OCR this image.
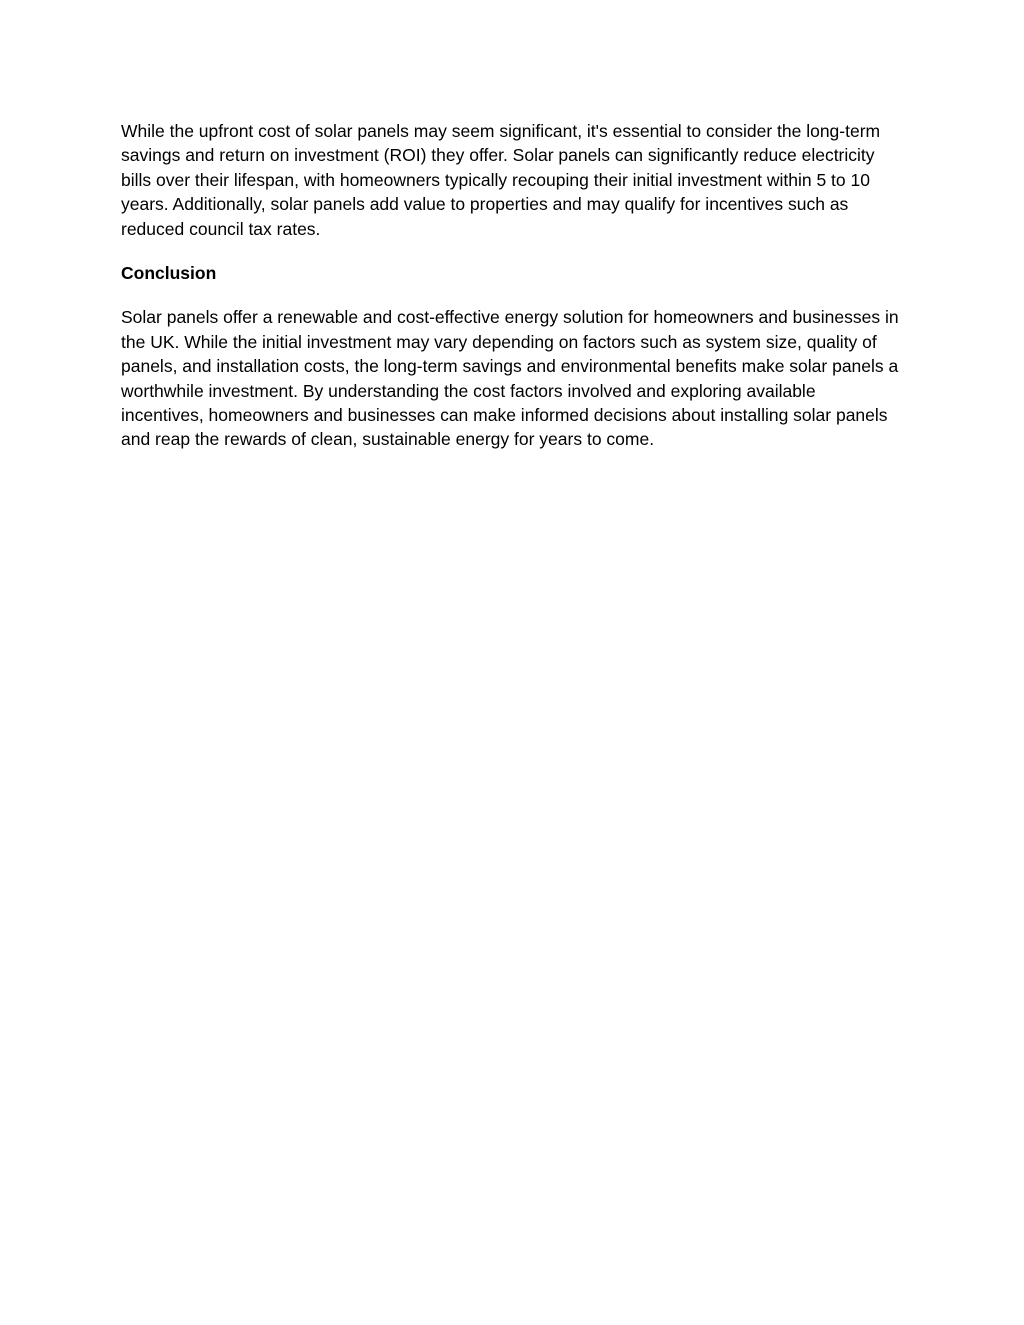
While the upfront cost of solar panels may seem significant, it's essential to consider the long-term savings and return on investment (ROI) they offer. Solar panels can significantly reduce electricity bills over their lifespan, with homeowners typically recouping their initial investment within 5 to 10 years. Additionally, solar panels add value to properties and may qualify for incentives such as reduced council tax rates.

Conclusion

Solar panels offer a renewable and cost-effective energy solution for homeowners and businesses in the UK. While the initial investment may vary depending on factors such as system size, quality of panels, and installation costs, the long-term savings and environmental benefits make solar panels a worthwhile investment. By understanding the cost factors involved and exploring available incentives, homeowners and businesses can make informed decisions about installing solar panels and reap the rewards of clean, sustainable energy for years to come.
